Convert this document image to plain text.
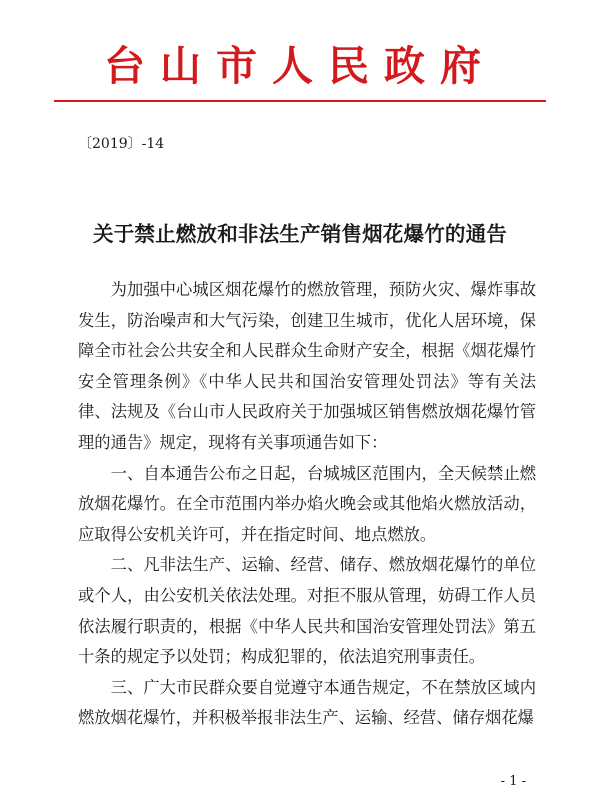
台山市人民政府
〔2019〕-14
关于禁止燃放和非法生产销售烟花爆竹的通告

为加强中心城区烟花爆竹的燃放管理，预防火灾、爆炸事故发生，防治噪声和大气污染，创建卫生城市，优化人居环境，保障全市社会公共安全和人民群众生命财产安全，根据《烟花爆竹安全管理条例》《中华人民共和国治安管理处罚法》等有关法律、法规及《台山市人民政府关于加强城区销售燃放烟花爆竹管理的通告》规定，现将有关事项通告如下：

一、自本通告公布之日起，台城城区范围内，全天候禁止燃放烟花爆竹。在全市范围内举办焰火晚会或其他焰火燃放活动，应取得公安机关许可，并在指定时间、地点燃放。

二、凡非法生产、运输、经营、储存、燃放烟花爆竹的单位或个人，由公安机关依法处理。对拒不服从管理，妨碍工作人员依法履行职责的，根据《中华人民共和国治安管理处罚法》第五十条的规定予以处罚；构成犯罪的，依法追究刑事责任。

三、广大市民群众要自觉遵守本通告规定，不在禁放区域内燃放烟花爆竹，并积极举报非法生产、运输、经营、储存烟花爆

- 1 -
